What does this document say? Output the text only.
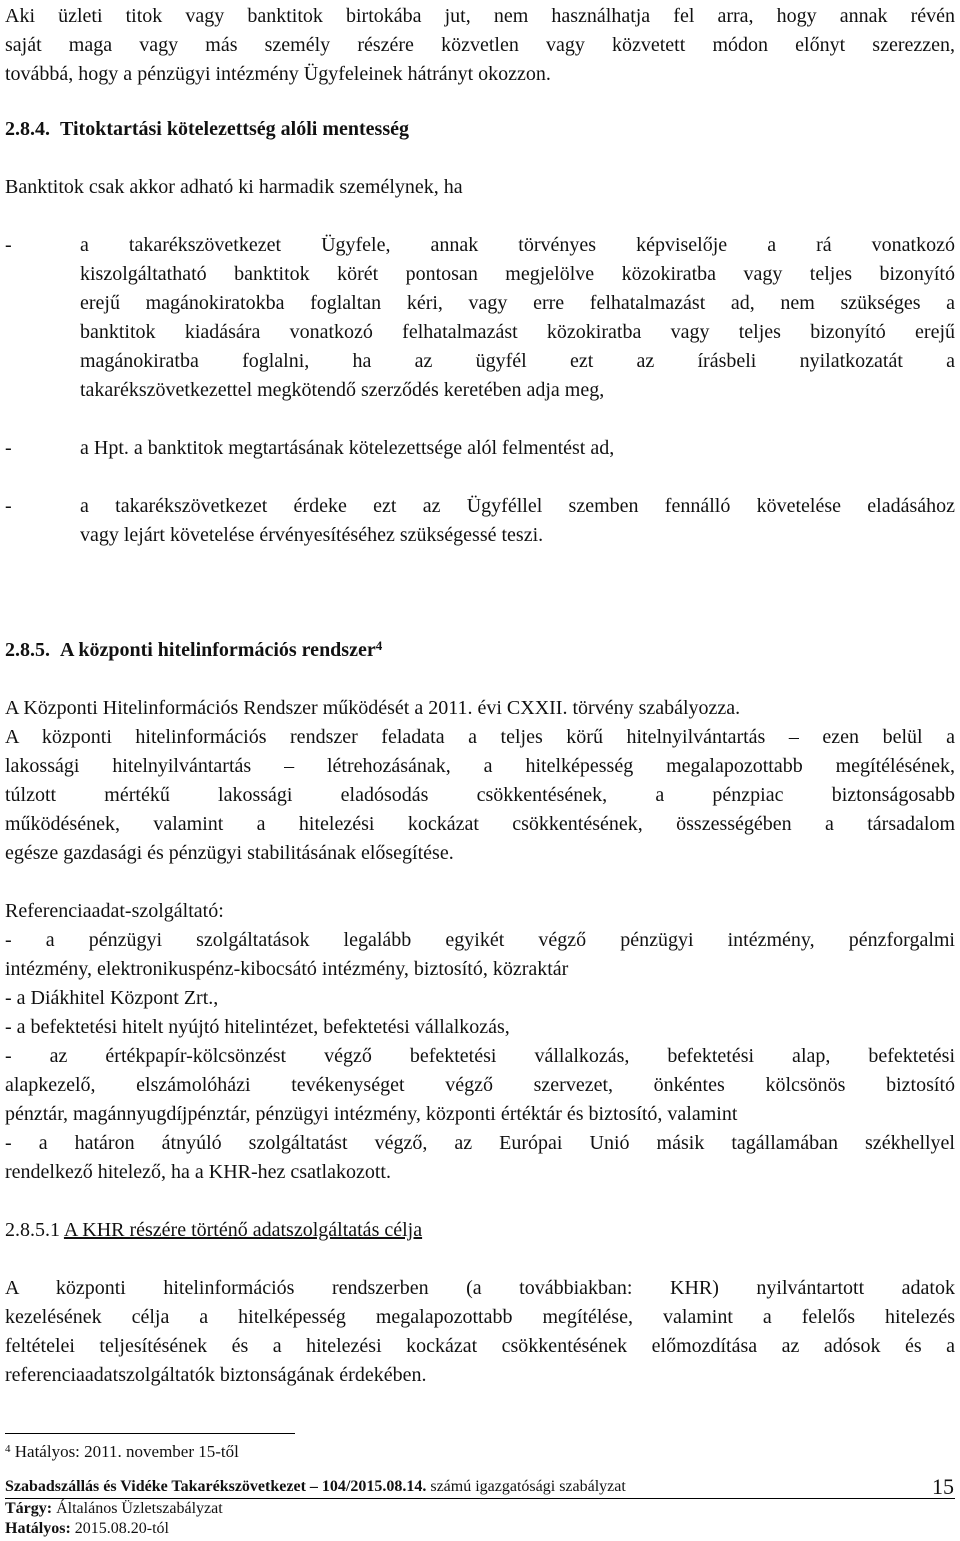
Aki üzleti titok vagy banktitok birtokába jut, nem használhatja fel arra, hogy annak révén
saját maga vagy más személy részére közvetlen vagy közvetett módon előnyt szerezzen,
továbbá, hogy a pénzügyi intézmény Ügyfeleinek hátrányt okozzon.
2.8.4. Titoktartási kötelezettség alóli mentesség
Banktitok csak akkor adható ki harmadik személynek, ha
-	a takarékszövetkezet Ügyfele, annak törvényes képviselője a rá vonatkozó
kiszolgáltatható banktitok körét pontosan megjelölve közokiratba vagy teljes bizonyító
erejű magánokiratokba foglaltan kéri, vagy erre felhatalmazást ad, nem szükséges a
banktitok kiadására vonatkozó felhatalmazást közokiratba vagy teljes bizonyító erejű
magánokiratba foglalni, ha az ügyfél ezt az írásbeli nyilatkozatát a
takarékszövetkezettel megkötendő szerződés keretében adja meg,
-	a Hpt. a banktitok megtartásának kötelezettsége alól felmentést ad,
-	a takarékszövetkezet érdeke ezt az Ügyféllel szemben fennálló követelése eladásához
vagy lejárt követelése érvényesítéséhez szükségessé teszi.
2.8.5. A központi hitelinformációs rendszer$^4$
A Központi Hitelinformációs Rendszer működését a 2011. évi CXXII. törvény szabályozza.
A központi hitelinformációs rendszer feladata a teljes körű hitelnyilvántartás – ezen belül a
lakossági hitelnyilvántartás – létrehozásának, a hitelképesség megalapozottabb megítélésének,
túlzott mértékű lakossági eladósodás csökkentésének, a pénzpiac biztonságosabb
működésének, valamint a hitelezési kockázat csökkentésének, összességében a társadalom
egésze gazdasági és pénzügyi stabilitásának elősegítése.
Referenciaadat-szolgáltató:
- a pénzügyi szolgáltatások legalább egyikét végző pénzügyi intézmény, pénzforgalmi
intézmény, elektronikuspénz-kibocsátó intézmény, biztosító, közraktár
- a Diákhitel Központ Zrt.,
- a befektetési hitelt nyújtó hitelintézet, befektetési vállalkozás,
- az értékpapír-kölcsönzést végző befektetési vállalkozás, befektetési alap, befektetési
alapkezelő, elszámolóházi tevékenységet végző szervezet, önkéntes kölcsönös biztosító
pénztár, magánnyugdíjpénztár, pénzügyi intézmény, központi értéktár és biztosító, valamint
- a határon átnyúló szolgáltatást végző, az Európai Unió másik tagállamában székhellyel
rendelkező hitelező, ha a KHR-hez csatlakozott.
2.8.5.1 A KHR részére történő adatszolgáltatás célja
A központi hitelinformációs rendszerben (a továbbiakban: KHR) nyilvántartott adatok
kezelésének célja a hitelképesség megalapozottabb megítélése, valamint a felelős hitelezés
feltételei teljesítésének és a hitelezési kockázat csökkentésének előmozdítása az adósok és a
referenciaadatszolgáltatók biztonságának érdekében.
$^4$ Hatályos: 2011. november 15-től
Szabadszállás és Vidéke Takarékszövetkezet – 104/2015.08.14. számú igazgatósági szabályzat	15
Tárgy: Általános Üzletszabályzat
Hatályos: 2015.08.20-tól
